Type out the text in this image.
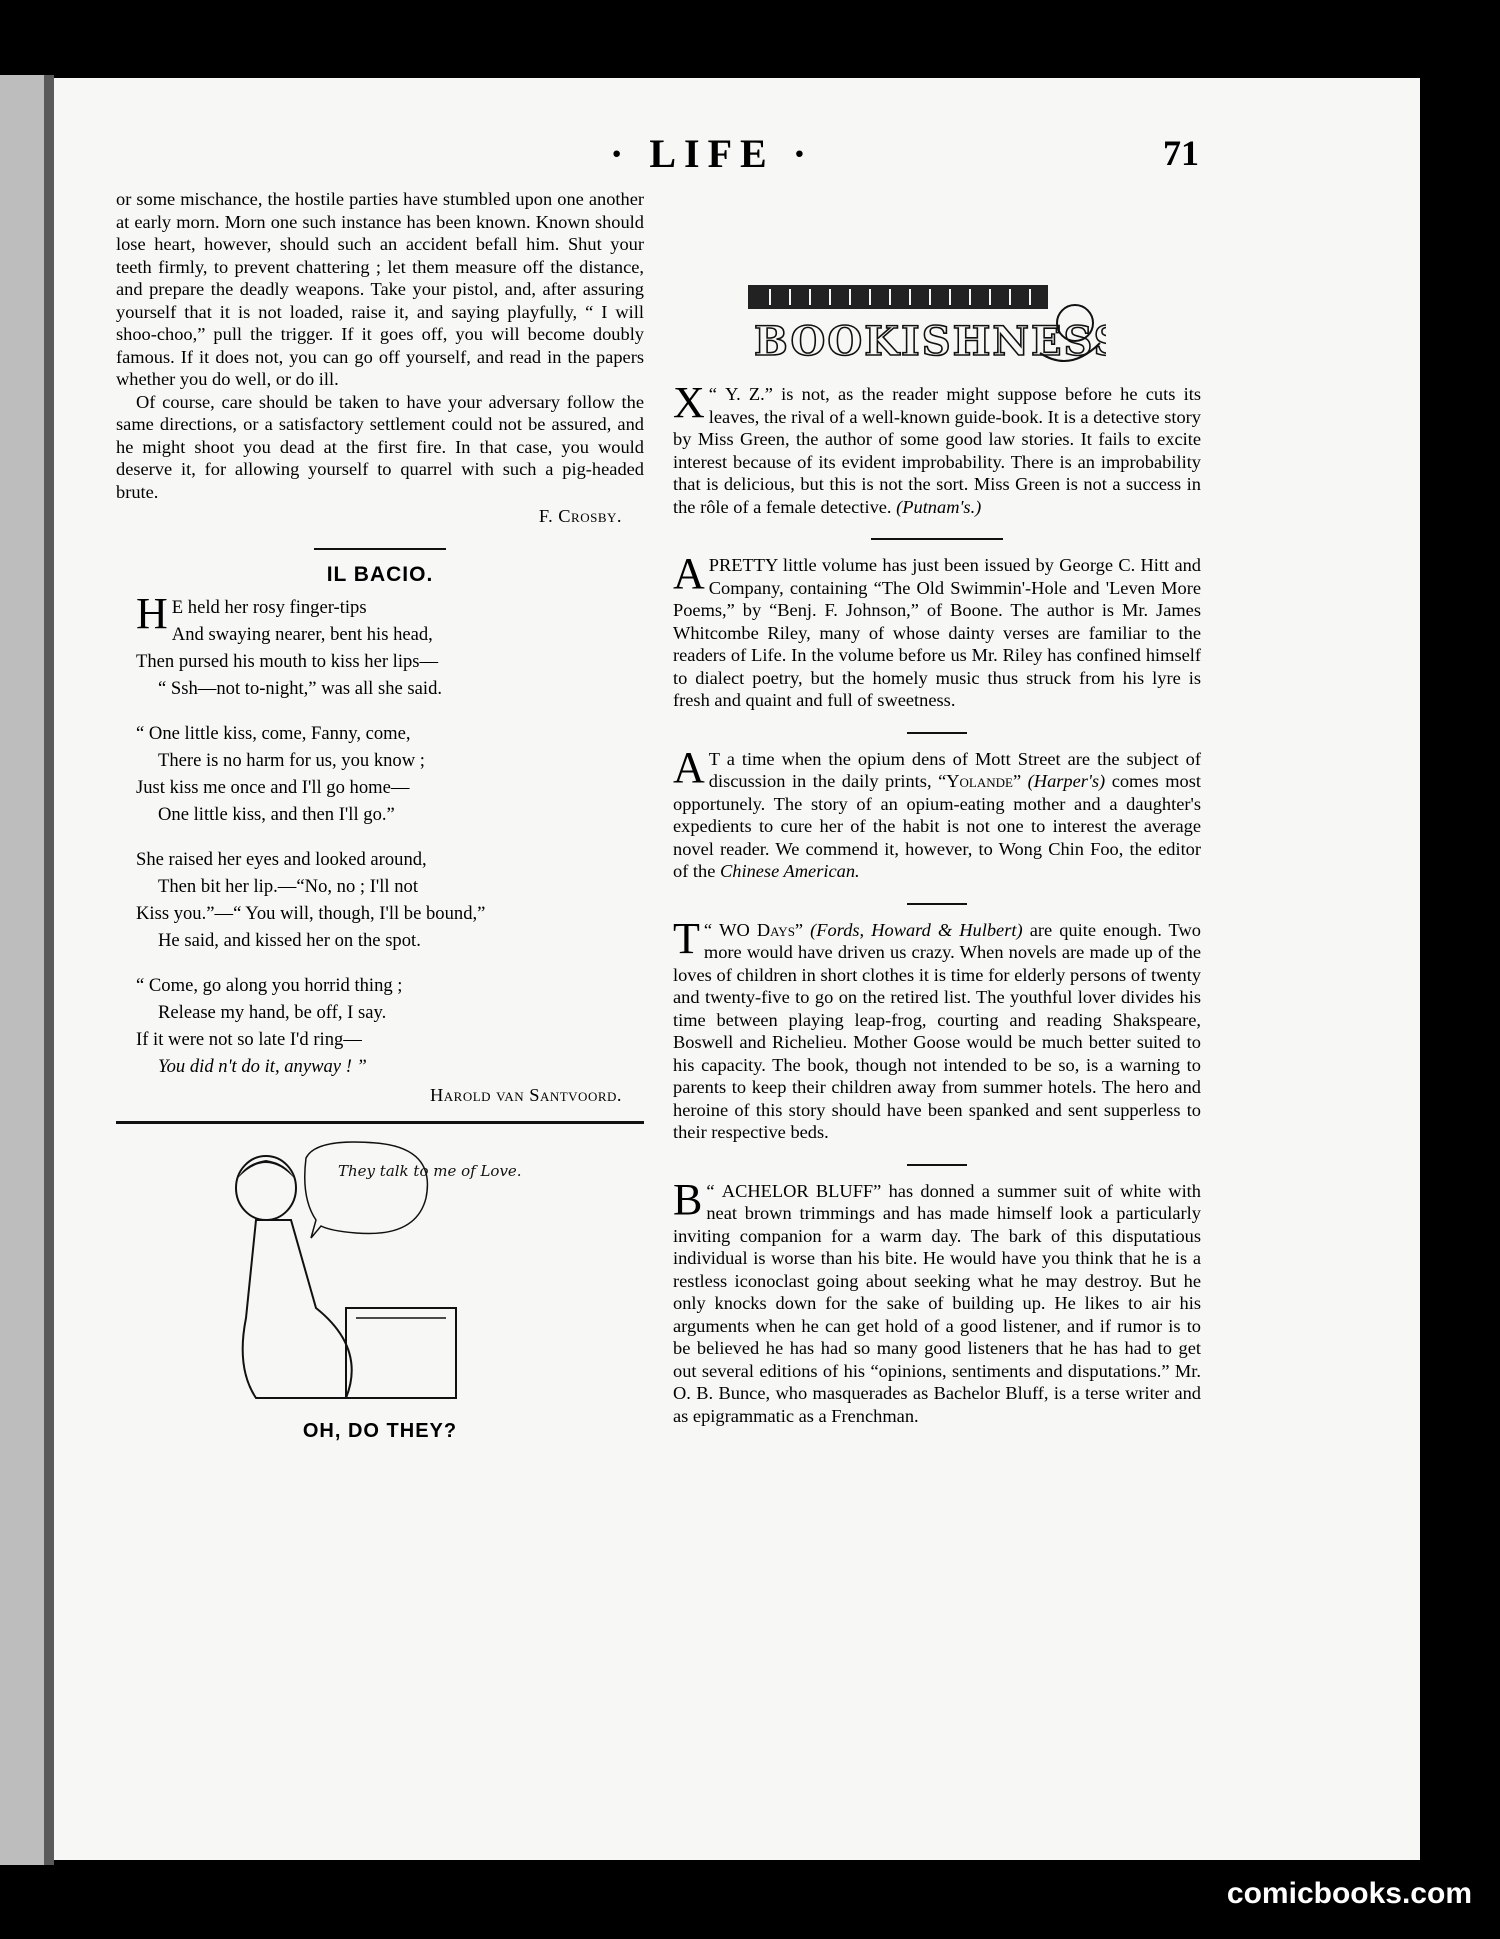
· LIFE ·	71

or some mischance, the hostile parties have stumbled upon one another at early morn. Morn one such instance has been known. Known should lose heart, however, should such an accident befall him. Shut your teeth firmly, to prevent chattering ; let them measure off the distance, and prepare the deadly weapons. Take your pistol, and, after assuring yourself that it is not loaded, raise it, and saying playfully, “ I will shoo-choo,” pull the trigger. If it goes off, you will become doubly famous. If it does not, you can go off yourself, and read in the papers whether you do well, or do ill.

Of course, care should be taken to have your adversary follow the same directions, or a satisfactory settlement could not be assured, and he might shoot you dead at the first fire. In that case, you would deserve it, for allowing yourself to quarrel with such a pig-headed brute.

F. Crosby.
IL BACIO.
H E held her rosy finger-tips
And swaying nearer, bent his head,
Then pursed his mouth to kiss her lips—
“ Ssh—not to-night,” was all she said.
“ One little kiss, come, Fanny, come,
There is no harm for us, you know ;
Just kiss me once and I'll go home—
One little kiss, and then I'll go.”
She raised her eyes and looked around,
Then bit her lip.—“No, no ; I'll not
Kiss you.”—“ You will, though, I'll be bound,”
He said, and kissed her on the spot.
“ Come, go along you horrid thing ;
Release my hand, be off, I say.
If it were not so late I'd ring—
You did n't do it, anyway ! ”
Harold van Santvoord.
They talk to me of Love.
OH, DO THEY?
BOOKISHNESS

“
X Y. Z.” is not, as the reader might suppose before he cuts its leaves, the rival of a well-known guide-book. It is a detective story by Miss Green, the author of some good law stories. It fails to excite interest because of its evident improbability. There is an improbability that is delicious, but this is not the sort. Miss Green is not a success in the rôle of a female detective. (Putnam's.)

APRETTY little volume has just been issued by George C. Hitt and Company, containing “The Old Swimmin'-Hole and 'Leven More Poems,” by “Benj. F. Johnson,” of Boone. The author is Mr. James Whitcombe Riley, many of whose dainty verses are familiar to the readers of Life. In the volume before us Mr. Riley has confined himself to dialect poetry, but the homely music thus struck from his lyre is fresh and quaint and full of sweetness.

A T a time when the opium dens of Mott Street are the subject of discussion in the daily prints, “Yolande” (Harper's) comes most opportunely. The story of an opium-eating mother and a daughter's expedients to cure her of the habit is not one to interest the average novel reader. We commend it, however, to Wong Chin Foo, the editor of the Chinese American.

“
T WO Days” (Fords, Howard & Hulbert) are quite enough. Two more would have driven us crazy. When novels are made up of the loves of children in short clothes it is time for elderly persons of twenty and twenty-five to go on the retired list. The youthful lover divides his time between playing leap-frog, courting and reading Shakspeare, Boswell and Richelieu. Mother Goose would be much better suited to his capacity. The book, though not intended to be so, is a warning to parents to keep their children away from summer hotels. The hero and heroine of this story should have been spanked and sent supperless to their respective beds.

“
B ACHELOR BLUFF” has donned a summer suit of white with neat brown trimmings and has made himself look a particularly inviting companion for a warm day. The bark of this disputatious individual is worse than his bite. He would have you think that he is a restless iconoclast going about seeking what he may destroy. But he only knocks down for the sake of building up. He likes to air his arguments when he can get hold of a good listener, and if rumor is to be believed he has had so many good listeners that he has had to get out several editions of his “opinions, sentiments and disputations.” Mr. O. B. Bunce, who masquerades as Bachelor Bluff, is a terse writer and as epigrammatic as a Frenchman.

comicbooks.com
